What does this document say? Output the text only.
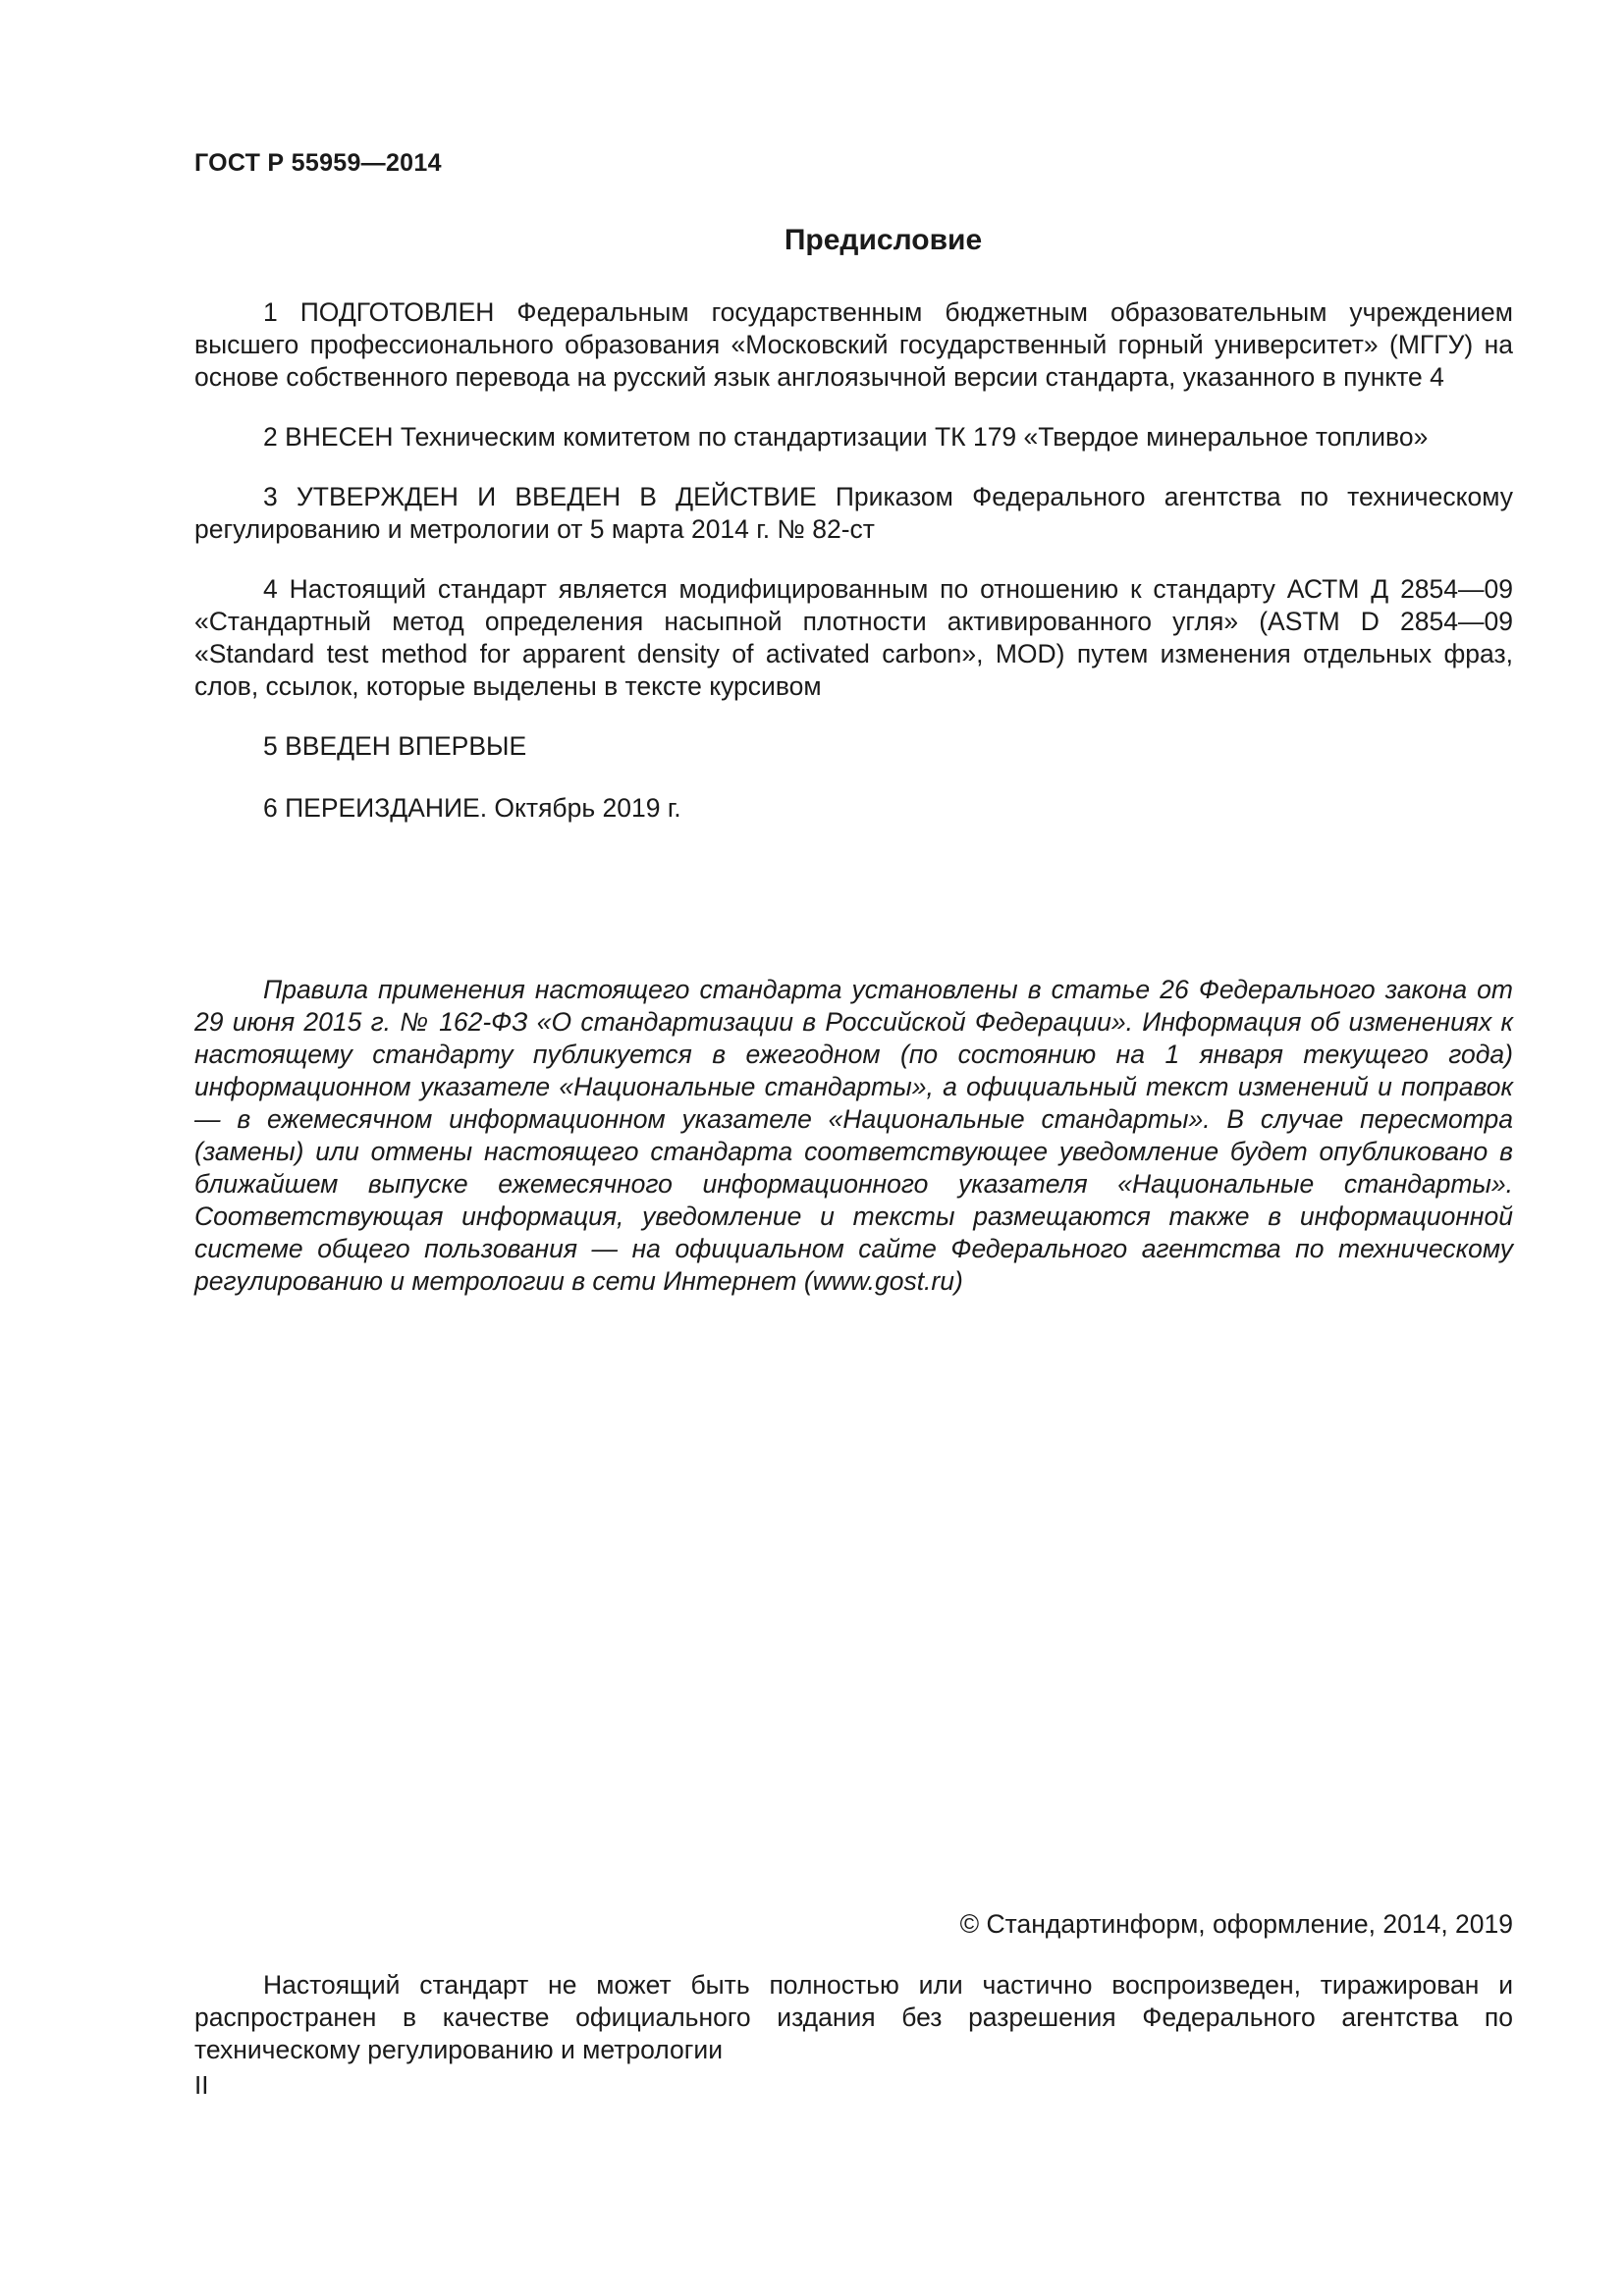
ГОСТ Р 55959—2014

Предисловие

1 ПОДГОТОВЛЕН Федеральным государственным бюджетным образовательным учреждением высшего профессионального образования «Московский государственный горный университет» (МГГУ) на основе собственного перевода на русский язык англоязычной версии стандарта, указанного в пункте 4

2 ВНЕСЕН Техническим комитетом по стандартизации ТК 179 «Твердое минеральное топливо»

3 УТВЕРЖДЕН И ВВЕДЕН В ДЕЙСТВИЕ Приказом Федерального агентства по техническому регулированию и метрологии от 5 марта 2014 г. № 82-ст

4 Настоящий стандарт является модифицированным по отношению к стандарту АСТМ Д 2854—09 «Стандартный метод определения насыпной плотности активированного угля» (ASTM D 2854—09 «Standard test method for apparent density of activated carbon», MOD) путем изменения отдельных фраз, слов, ссылок, которые выделены в тексте курсивом

5 ВВЕДЕН ВПЕРВЫЕ

6 ПЕРЕИЗДАНИЕ. Октябрь 2019 г.

Правила применения настоящего стандарта установлены в статье 26 Федерального закона от 29 июня 2015 г. № 162-ФЗ «О стандартизации в Российской Федерации». Информация об изменениях к настоящему стандарту публикуется в ежегодном (по состоянию на 1 января текущего года) информационном указателе «Национальные стандарты», а официальный текст изменений и поправок — в ежемесячном информационном указателе «Национальные стандарты». В случае пересмотра (замены) или отмены настоящего стандарта соответствующее уведомление будет опубликовано в ближайшем выпуске ежемесячного информационного указателя «Национальные стандарты». Соответствующая информация, уведомление и тексты размещаются также в информационной системе общего пользования — на официальном сайте Федерального агентства по техническому регулированию и метрологии в сети Интернет (www.gost.ru)

© Стандартинформ, оформление, 2014, 2019

Настоящий стандарт не может быть полностью или частично воспроизведен, тиражирован и распространен в качестве официального издания без разрешения Федерального агентства по техническому регулированию и метрологии

II
